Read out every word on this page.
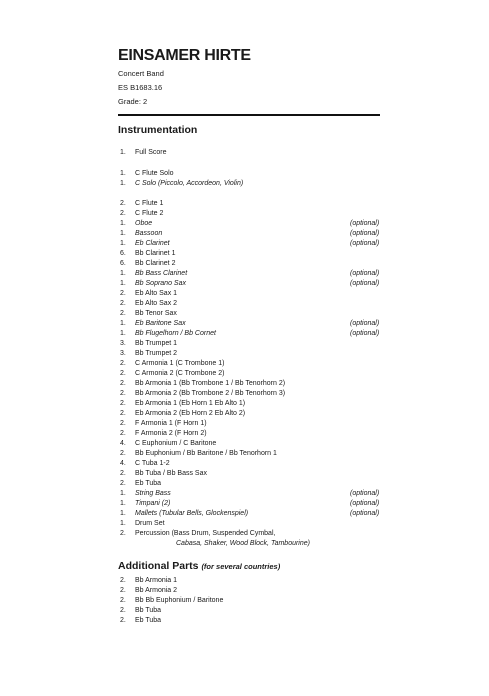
EINSAMER HIRTE
Concert Band
ES B1683.16
Grade: 2
Instrumentation
1.	Full Score
1.	C Flute Solo
1.	C Solo (Piccolo, Accordeon, Violin)
2.	C Flute 1
2.	C Flute 2
1.	Oboe	(optional)
1.	Bassoon	(optional)
1.	Eb Clarinet	(optional)
6.	Bb Clarinet 1
6.	Bb Clarinet 2
1.	Bb Bass Clarinet	(optional)
1.	Bb Soprano Sax	(optional)
2.	Eb Alto Sax 1
2.	Eb Alto Sax 2
2.	Bb Tenor Sax
1.	Eb Baritone Sax	(optional)
1.	Bb Flugelhorn / Bb Cornet	(optional)
3.	Bb Trumpet 1
3.	Bb Trumpet 2
2.	C Armonia 1 (C Trombone 1)
2.	C Armonia 2 (C Trombone 2)
2.	Bb Armonia 1 (Bb Trombone 1 / Bb Tenorhorn 2)
2.	Bb Armonia 2 (Bb Trombone 2 / Bb Tenorhorn 3)
2.	Eb Armonia 1 (Eb Horn 1 Eb Alto 1)
2.	Eb Armonia 2 (Eb Horn 2 Eb Alto 2)
2.	F Armonia 1 (F Horn 1)
2.	F Armonia 2 (F Horn 2)
4.	C Euphonium / C Baritone
2.	Bb Euphonium / Bb Baritone / Bb Tenorhorn 1
4.	C Tuba 1-2
2.	Bb Tuba / Bb Bass Sax
2.	Eb Tuba
1.	String Bass	(optional)
1.	Timpani (2)	(optional)
1.	Mallets (Tubular Bells, Glockenspiel)	(optional)
1.	Drum Set
2.	Percussion (Bass Drum, Suspended Cymbal,
Cabasa, Shaker, Wood Block, Tambourine)
Additional Parts (for several countries)
2.	Bb Armonia 1
2.	Bb Armonia 2
2.	Bb Bb Euphonium / Baritone
2.	Bb Tuba
2.	Eb Tuba
